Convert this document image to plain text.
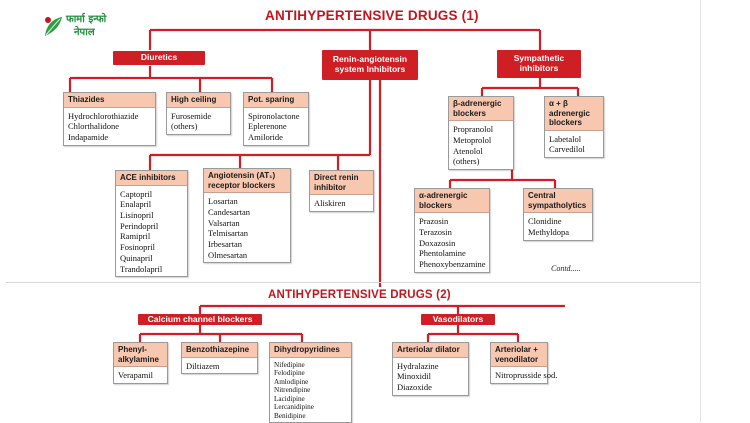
फार्मा इन्फो
नेपाल
ANTIHYPERTENSIVE DRUGS (1)
ANTIHYPERTENSIVE DRUGS (2)
Diuretics	Renin-angiotensin system Inhibitors
Sympathetic inhibitors
Calcium channel blockers	Vasodilators
Thiazides
Hydrochlorothiazide
Chlorthalidone
Indapamide
High ceiling
Furosemide
(others)
Pot. sparing
Spironolactone
Eplerenone
Amiloride
β-adrenergic blockers
Propranolol
Metoprolol
Atenolol
(others)
α + β adrenergic blockers
Labetalol
Carvedilol
ACE inhibitors
Captopril
Enalapril
Lisinopril
Perindopril
Ramipril
Fosinopril
Quinapril
Trandolapril
Angiotensin (AT₁) receptor blockers
Losartan
Candesartan
Valsartan
Telmisartan
Irbesartan
Olmesartan
Direct renin inhibitor
Aliskiren
α-adrenergic blockers
Prazosin
Terazosin
Doxazosin
Phentolamine
Phenoxybenzamine
Central sympatholytics
Clonidine
Methyldopa
Phenyl-alkylamine
Verapamil
Benzothiazepine
Diltiazem
Dihydropyridines
Nifedipine
Felodipine
Amlodipine
Nitrendipine
Lacidipine
Lercanidipine
Benidipine
Arteriolar dilator
Hydralazine
Minoxidil
Diazoxide
Arteriolar + venodilator
Nitroprusside sod.
Contd.....
